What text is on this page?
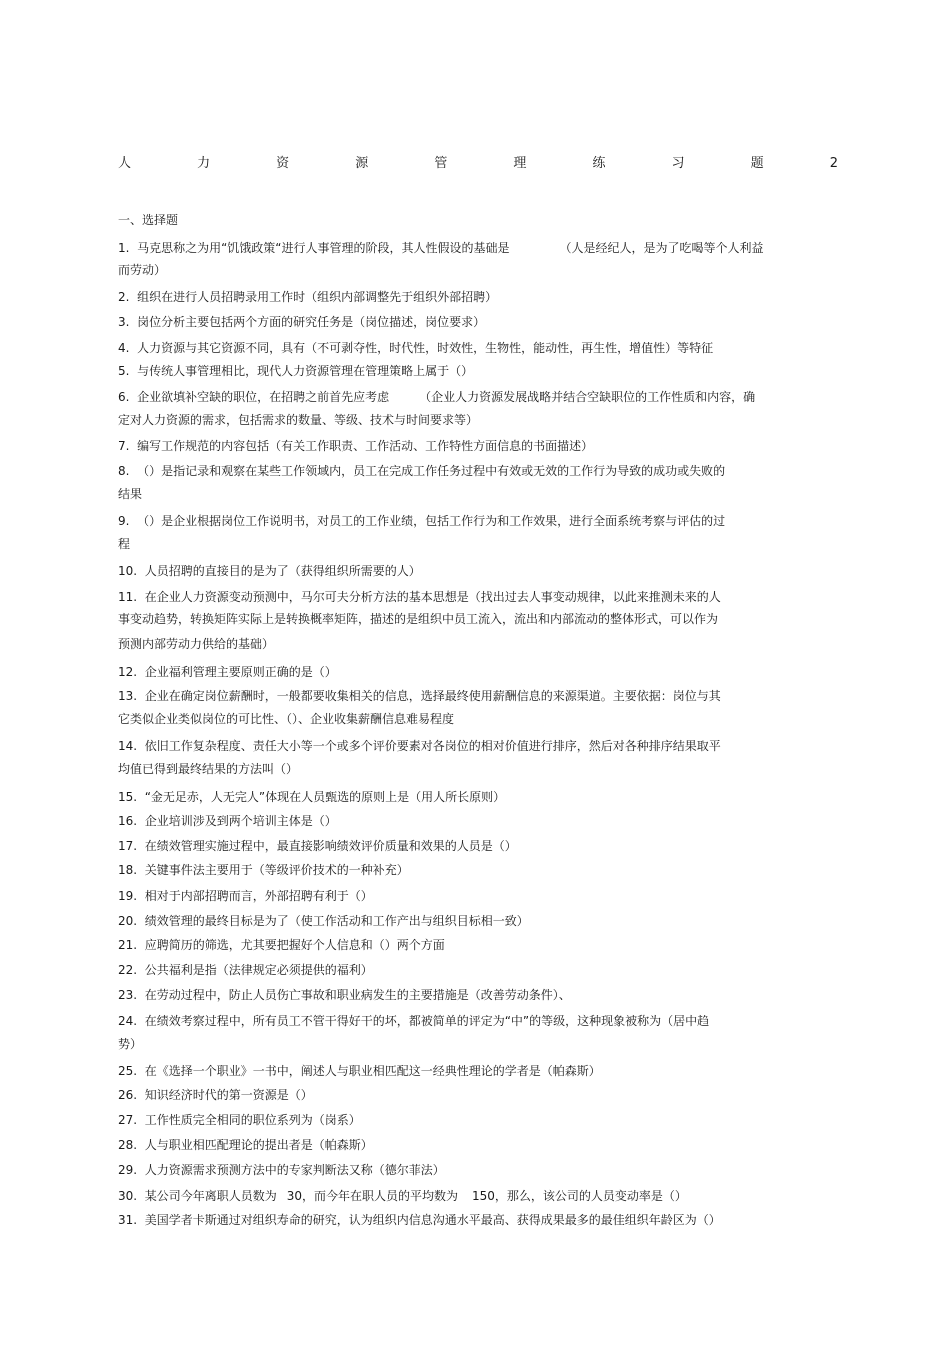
人	力	资	源	管	理	练	习	题	2
一、选择题
1.  马克思称之为用“饥饿政策“进行人事管理的阶段，其人性假设的基础是	（人是经纪人，是为了吃喝等个人利益
而劳动）
2.  组织在进行人员招聘录用工作时（组织内部调整先于组织外部招聘）
3.  岗位分析主要包括两个方面的研究任务是（岗位描述，岗位要求）
4.  人力资源与其它资源不同，具有（不可剥夺性，时代性，时效性，生物性，能动性，再生性，增值性）等特征
5.  与传统人事管理相比，现代人力资源管理在管理策略上属于（）
6.  企业欲填补空缺的职位，在招聘之前首先应考虑	（企业人力资源发展战略并结合空缺职位的工作性质和内容，确
定对人力资源的需求，包括需求的数量、等级、技术与时间要求等）
7.  编写工作规范的内容包括（有关工作职责、工作活动、工作特性方面信息的书面描述）
8.  （）是指记录和观察在某些工作领域内，员工在完成工作任务过程中有效或无效的工作行为导致的成功或失败的
结果
9.  （）是企业根据岗位工作说明书，对员工的工作业绩，包括工作行为和工作效果，进行全面系统考察与评估的过
程
10.  人员招聘的直接目的是为了（获得组织所需要的人）
11.  在企业人力资源变动预测中，马尔可夫分析方法的基本思想是（找出过去人事变动规律，以此来推测未来的人
事变动趋势，转换矩阵实际上是转换概率矩阵，描述的是组织中员工流入，流出和内部流动的整体形式，可以作为
预测内部劳动力供给的基础）
12.  企业福利管理主要原则正确的是（）
13.  企业在确定岗位薪酬时，一般都要收集相关的信息，选择最终使用薪酬信息的来源渠道。主要依据：岗位与其
它类似企业类似岗位的可比性、（）、企业收集薪酬信息难易程度
14.  依旧工作复杂程度、责任大小等一个或多个评价要素对各岗位的相对价值进行排序，然后对各种排序结果取平
均值已得到最终结果的方法叫（）
15.  “金无足赤，人无完人”体现在人员甄选的原则上是（用人所长原则）
16.  企业培训涉及到两个培训主体是（）
17.  在绩效管理实施过程中，最直接影响绩效评价质量和效果的人员是（）
18.  关键事件法主要用于（等级评价技术的一种补充）
19.  相对于内部招聘而言，外部招聘有利于（）
20.  绩效管理的最终目标是为了（使工作活动和工作产出与组织目标相一致）
21.  应聘简历的筛选，尤其要把握好个人信息和（）两个方面
22.  公共福利是指（法律规定必须提供的福利）
23.  在劳动过程中，防止人员伤亡事故和职业病发生的主要措施是（改善劳动条件）、
24.  在绩效考察过程中，所有员工不管干得好干的坏，都被简单的评定为“中”的等级，这种现象被称为（居中趋
势）
25.  在《选择一个职业》一书中，阐述人与职业相匹配这一经典性理论的学者是（帕森斯）
26.  知识经济时代的第一资源是（）
27.  工作性质完全相同的职位系列为（岗系）
28.  人与职业相匹配理论的提出者是（帕森斯）
29.  人力资源需求预测方法中的专家判断法又称（德尔菲法）
30.  某公司今年离职人员数为 30，而今年在职人员的平均数为 150，那么，该公司的人员变动率是（）
31.  美国学者卡斯通过对组织寿命的研究，认为组织内信息沟通水平最高、获得成果最多的最佳组织年龄区为（）
